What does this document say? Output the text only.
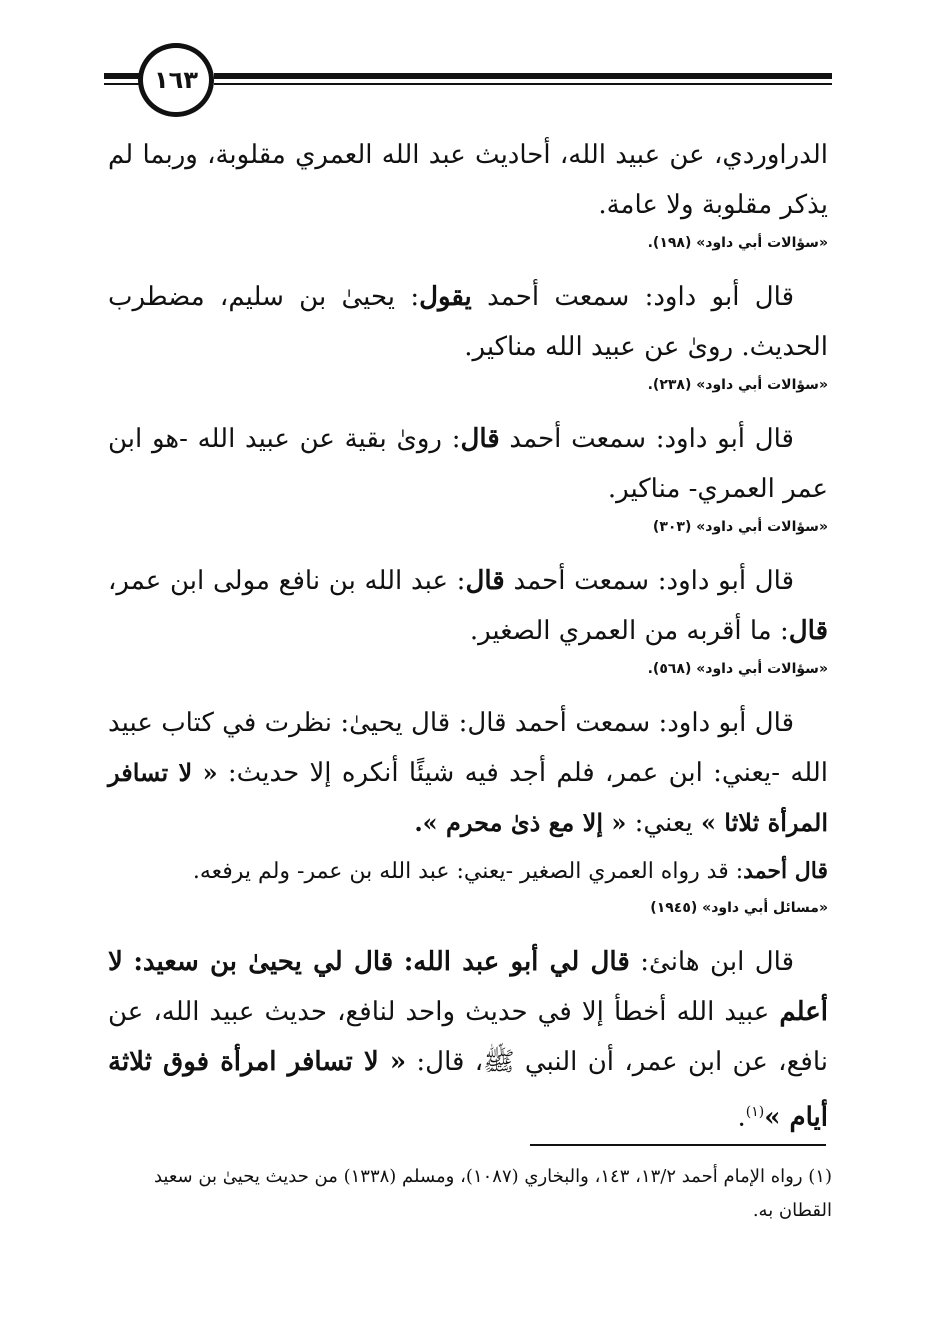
١٦٣

الدراوردي، عن عبيد الله، أحاديث عبد الله العمري مقلوبة، وربما لم يذكر مقلوبة ولا عامة.

«سؤالات أبي داود» (١٩٨).

قال أبو داود: سمعت أحمد يقول: يحيىٰ بن سليم، مضطرب الحديث. روىٰ عن عبيد الله مناكير.

«سؤالات أبي داود» (٢٣٨).

قال أبو داود: سمعت أحمد قال: روىٰ بقية عن عبيد الله -هو ابن عمر العمري- مناكير.

«سؤالات أبي داود» (٣٠٣)

قال أبو داود: سمعت أحمد قال: عبد الله بن نافع مولى ابن عمر، قال: ما أقربه من العمري الصغير.

«سؤالات أبي داود» (٥٦٨).

قال أبو داود: سمعت أحمد قال: قال يحيىٰ: نظرت في كتاب عبيد الله -يعني: ابن عمر، فلم أجد فيه شيئًا أنكره إلا حديث: « لا تسافر المرأة ثلاثا » يعني: « إلا مع ذىٰ محرم ».

قال أحمد: قد رواه العمري الصغير -يعني: عبد الله بن عمر- ولم يرفعه.

«مسائل أبي داود» (١٩٤٥)

قال ابن هانئ: قال لي أبو عبد الله: قال لي يحيىٰ بن سعيد: لا أعلم عبيد الله أخطأ إلا في حديث واحد لنافع، حديث عبيد الله، عن نافع، عن ابن عمر، أن النبي ﷺ، قال: « لا تسافر امرأة فوق ثلاثة أيام »$^{(١)}$.

(١) رواه الإمام أحمد ١٣/٢، ١٤٣، والبخاري (١٠٨٧)، ومسلم (١٣٣٨) من حديث يحيىٰ بن سعيد القطان به.
